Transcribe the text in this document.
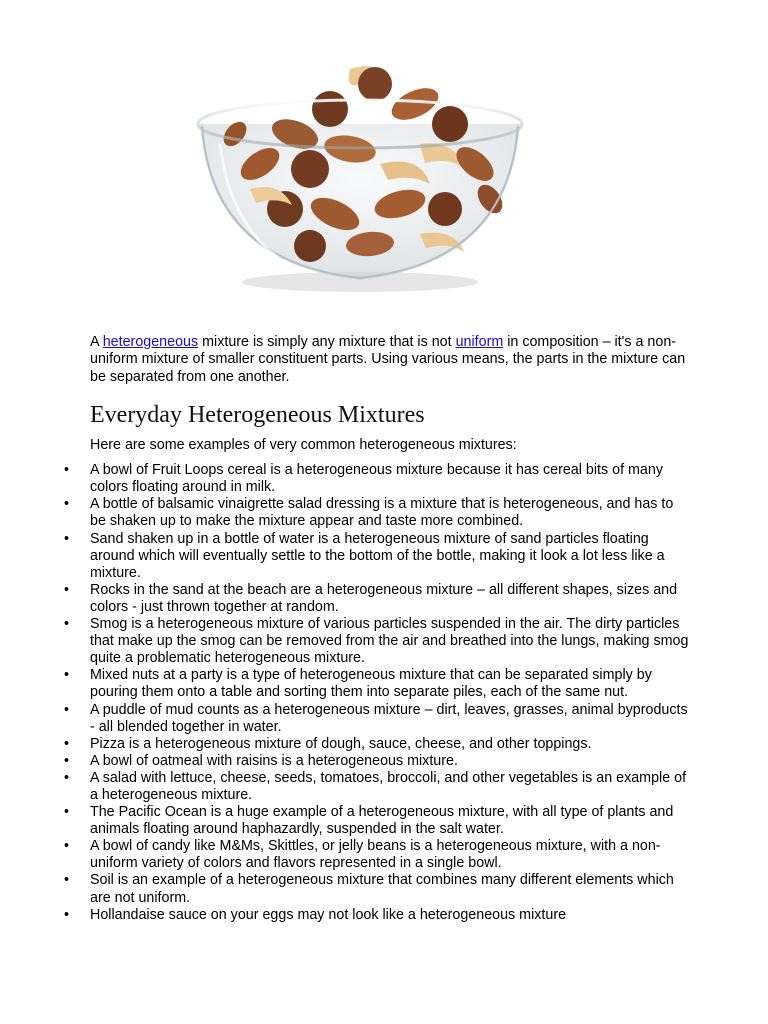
A heterogeneous mixture is simply any mixture that is not uniform in composition – it's a non-uniform mixture of smaller constituent parts. Using various means, the parts in the mixture can be separated from one another.

Everyday Heterogeneous Mixtures

Here are some examples of very common heterogeneous mixtures:

• A bowl of Fruit Loops cereal is a heterogeneous mixture because it has cereal bits of many colors floating around in milk.
• A bottle of balsamic vinaigrette salad dressing is a mixture that is heterogeneous, and has to be shaken up to make the mixture appear and taste more combined.
• Sand shaken up in a bottle of water is a heterogeneous mixture of sand particles floating around which will eventually settle to the bottom of the bottle, making it look a lot less like a mixture.
• Rocks in the sand at the beach are a heterogeneous mixture – all different shapes, sizes and colors - just thrown together at random.
• Smog is a heterogeneous mixture of various particles suspended in the air. The dirty particles that make up the smog can be removed from the air and breathed into the lungs, making smog quite a problematic heterogeneous mixture.
• Mixed nuts at a party is a type of heterogeneous mixture that can be separated simply by pouring them onto a table and sorting them into separate piles, each of the same nut.
• A puddle of mud counts as a heterogeneous mixture – dirt, leaves, grasses, animal byproducts - all blended together in water.
• Pizza is a heterogeneous mixture of dough, sauce, cheese, and other toppings.
• A bowl of oatmeal with raisins is a heterogeneous mixture.
• A salad with lettuce, cheese, seeds, tomatoes, broccoli, and other vegetables is an example of a heterogeneous mixture.
• The Pacific Ocean is a huge example of a heterogeneous mixture, with all type of plants and animals floating around haphazardly, suspended in the salt water.
• A bowl of candy like M&Ms, Skittles, or jelly beans is a heterogeneous mixture, with a non-uniform variety of colors and flavors represented in a single bowl.
• Soil is an example of a heterogeneous mixture that combines many different elements which are not uniform.
• Hollandaise sauce on your eggs may not look like a heterogeneous mixture
